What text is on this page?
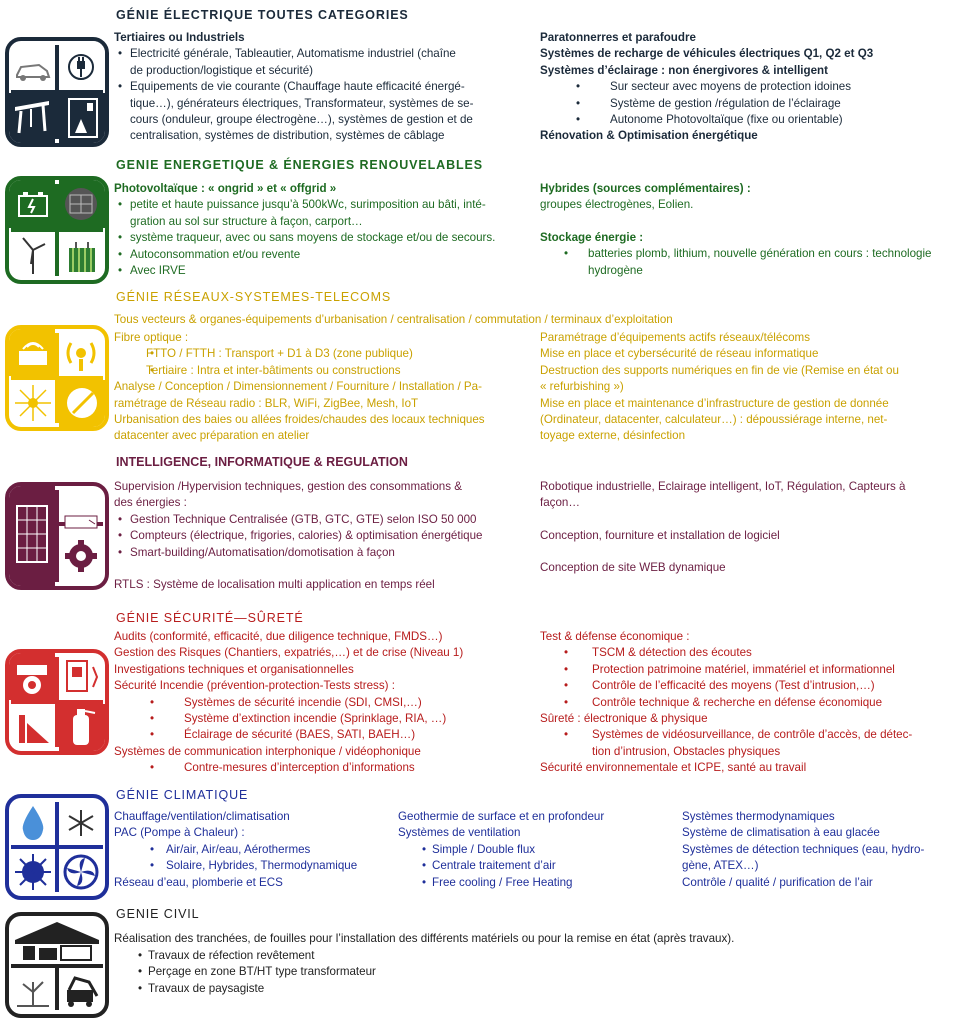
GÉNIE ÉLECTRIQUE TOUTES CATEGORIES
Tertiaires ou Industriels
• Electricité générale, Tableautier, Automatisme industriel (chaîne
de production/logistique et sécurité)
• Equipements de vie courante (Chauffage haute efficacité énergé-
tique…), générateurs électriques, Transformateur, systèmes de se-
cours (onduleur, groupe électrogène…), systèmes de gestion et de
centralisation, systèmes de distribution, systèmes de câblage
Paratonnerres et parafoudre
Systèmes de recharge de véhicules électriques Q1, Q2 et Q3
Systèmes d’éclairage : non énergivores & intelligent
• Sur secteur avec moyens de protection idoines
• Système de gestion /régulation de l’éclairage
• Autonome Photovoltaïque (fixe ou orientable)
Rénovation & Optimisation énergétique
GENIE ENERGETIQUE & ÉNERGIES RENOUVELABLES
Photovoltaïque : « ongrid » et « offgrid »
• petite et haute puissance jusqu’à 500kWc, surimposition au bâti, inté-
gration au sol sur structure à façon, carport…
• système traqueur, avec ou sans moyens de stockage et/ou de secours.
• Autoconsommation et/ou revente
• Avec IRVE
Hybrides (sources complémentaires) :
groupes électrogènes, Eolien.
Stockage énergie :
• batteries plomb, lithium, nouvelle génération en cours : technologie
hydrogène
GÉNIE RÉSEAUX-SYSTEMES-TELECOMS
Tous vecteurs & organes-équipements d’urbanisation / centralisation / commutation / terminaux d’exploitation
Fibre optique :
• FTTO / FTTH : Transport + D1 à D3 (zone publique)
• Tertiaire : Intra et inter-bâtiments ou constructions
Analyse / Conception / Dimensionnement / Fourniture / Installation / Pa-
ramétrage de Réseau radio : BLR, WiFi, ZigBee, Mesh, IoT
Urbanisation des baies ou allées froides/chaudes des locaux techniques
datacenter avec préparation en atelier
Paramétrage d’équipements actifs réseaux/télécoms
Mise en place et cybersécurité de réseau informatique
Destruction des supports numériques en fin de vie (Remise en état ou
« refurbishing »)
Mise en place et maintenance d’infrastructure de gestion de donnée
(Ordinateur, datacenter, calculateur…) : dépoussiérage interne, net-
toyage externe, désinfection
INTELLIGENCE, INFORMATIQUE & REGULATION
Supervision /Hypervision techniques, gestion des consommations &
des énergies :
• Gestion Technique Centralisée (GTB, GTC, GTE) selon ISO 50 000
• Compteurs (électrique, frigories, calories) & optimisation énergétique
• Smart-building/Automatisation/domotisation à façon
RTLS : Système de localisation multi application en temps réel
Robotique industrielle, Eclairage intelligent, IoT, Régulation, Capteurs à
façon…
Conception, fourniture et installation de logiciel
Conception de site WEB dynamique
GÉNIE SÉCURITÉ—SÛRETÉ
Audits (conformité, efficacité, due diligence technique, FMDS…)
Gestion des Risques (Chantiers, expatriés,…) et de crise (Niveau 1)
Investigations techniques et organisationnelles
Sécurité Incendie (prévention-protection-Tests stress) :
• Systèmes de sécurité incendie (SDI, CMSI,…)
• Système d’extinction incendie (Sprinklage, RIA, …)
• Éclairage de sécurité (BAES, SATI, BAEH…)
Systèmes de communication interphonique / vidéophonique
• Contre-mesures d’interception d’informations
Test & défense économique :
• TSCM & détection des écoutes
• Protection patrimoine matériel, immatériel et informationnel
• Contrôle de l’efficacité des moyens (Test d’intrusion,…)
• Contrôle technique & recherche en défense économique
Sûreté : électronique & physique
• Systèmes de vidéosurveillance, de contrôle d’accès, de détec-
tion d’intrusion, Obstacles physiques
Sécurité environnementale et ICPE, santé au travail
GÉNIE CLIMATIQUE
Chauffage/ventilation/climatisation
PAC (Pompe à Chaleur) :
• Air/air, Air/eau, Aérothermes
• Solaire, Hybrides, Thermodynamique
Réseau d’eau, plomberie et ECS
Geothermie de surface et en profondeur
Systèmes de ventilation
• Simple / Double flux
• Centrale traitement d’air
• Free cooling / Free Heating
Systèmes thermodynamiques
Système de climatisation à eau glacée
Systèmes de détection techniques (eau, hydro-
gène, ATEX…)
Contrôle / qualité / purification de l’air
GENIE CIVIL
Réalisation des tranchées, de fouilles pour l’installation des différents matériels ou pour la remise en état (après travaux).
• Travaux de réfection revêtement
• Perçage en zone BT/HT type transformateur
• Travaux de paysagiste
